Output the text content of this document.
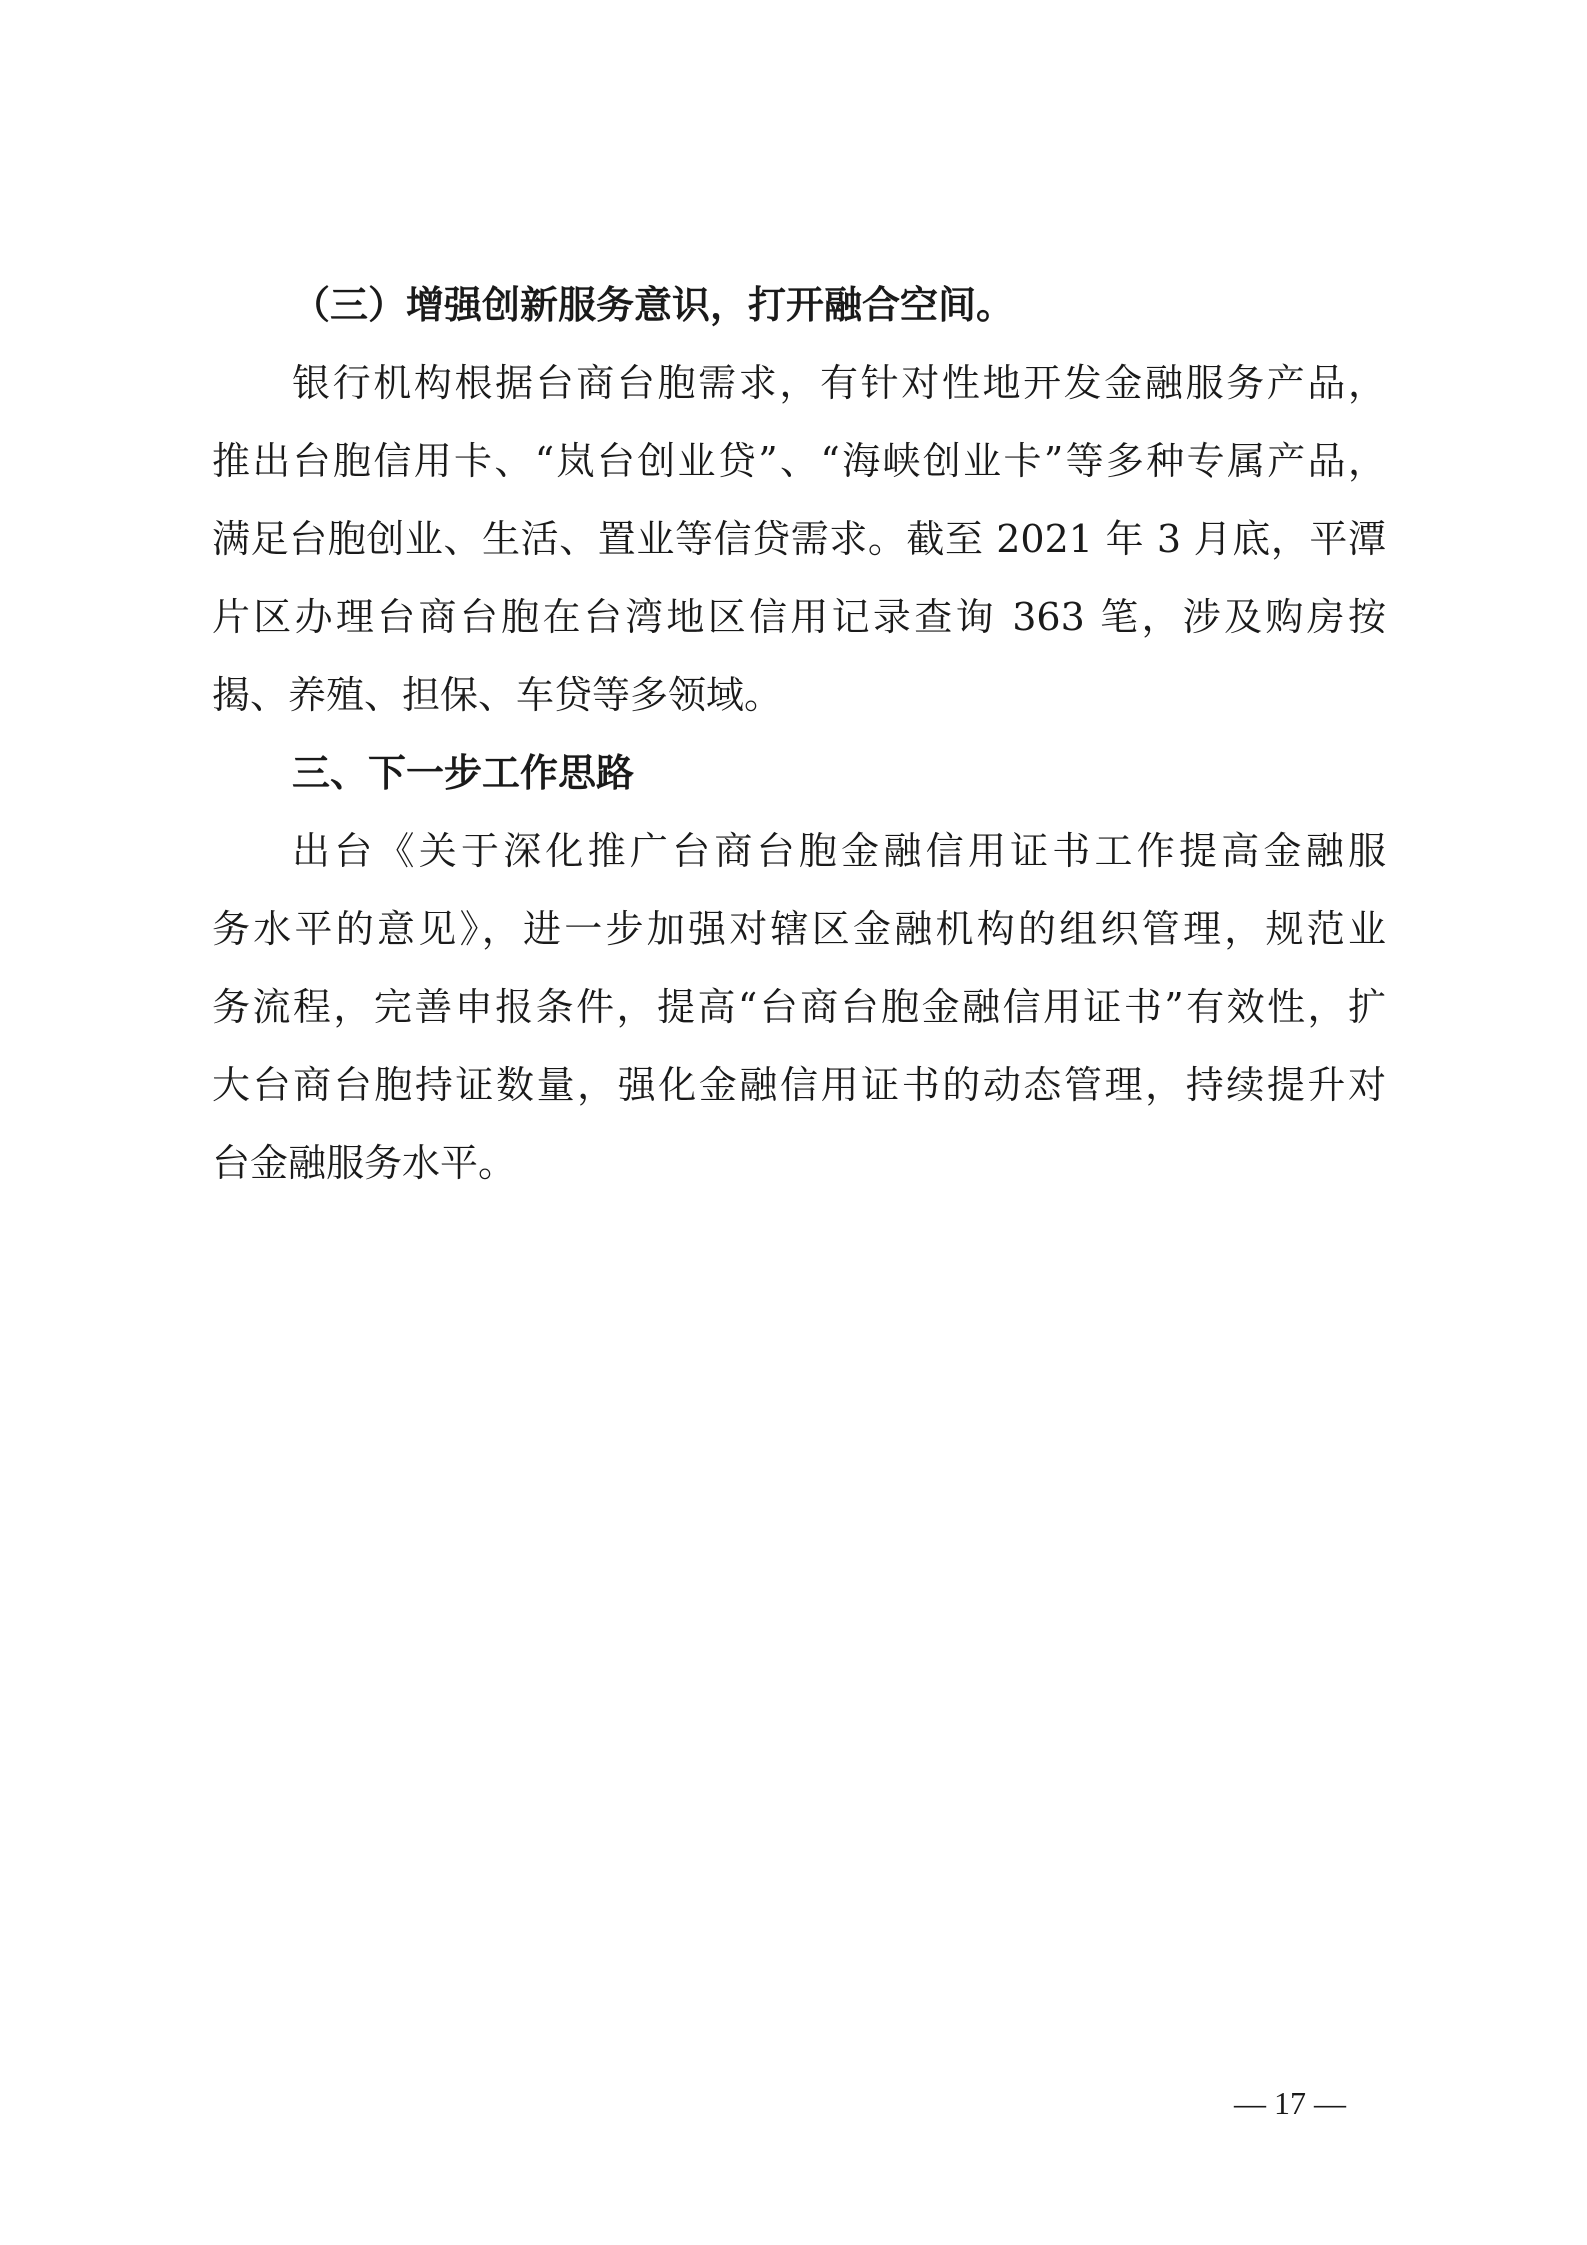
（三）增强创新服务意识，打开融合空间。
银行机构根据台商台胞需求，有针对性地开发金融服务产品，
推出台胞信用卡、“岚台创业贷”、“海峡创业卡”等多种专属产品，
满足台胞创业、生活、置业等信贷需求。截至 2021 年 3 月底，平潭
片区办理台商台胞在台湾地区信用记录查询 363 笔，涉及购房按
揭、养殖、担保、车贷等多领域。
三、下一步工作思路
出台《关于深化推广台商台胞金融信用证书工作提高金融服
务水平的意见》，进一步加强对辖区金融机构的组织管理，规范业
务流程，完善申报条件，提高“台商台胞金融信用证书”有效性，扩
大台商台胞持证数量，强化金融信用证书的动态管理，持续提升对
台金融服务水平。
— 17 —
